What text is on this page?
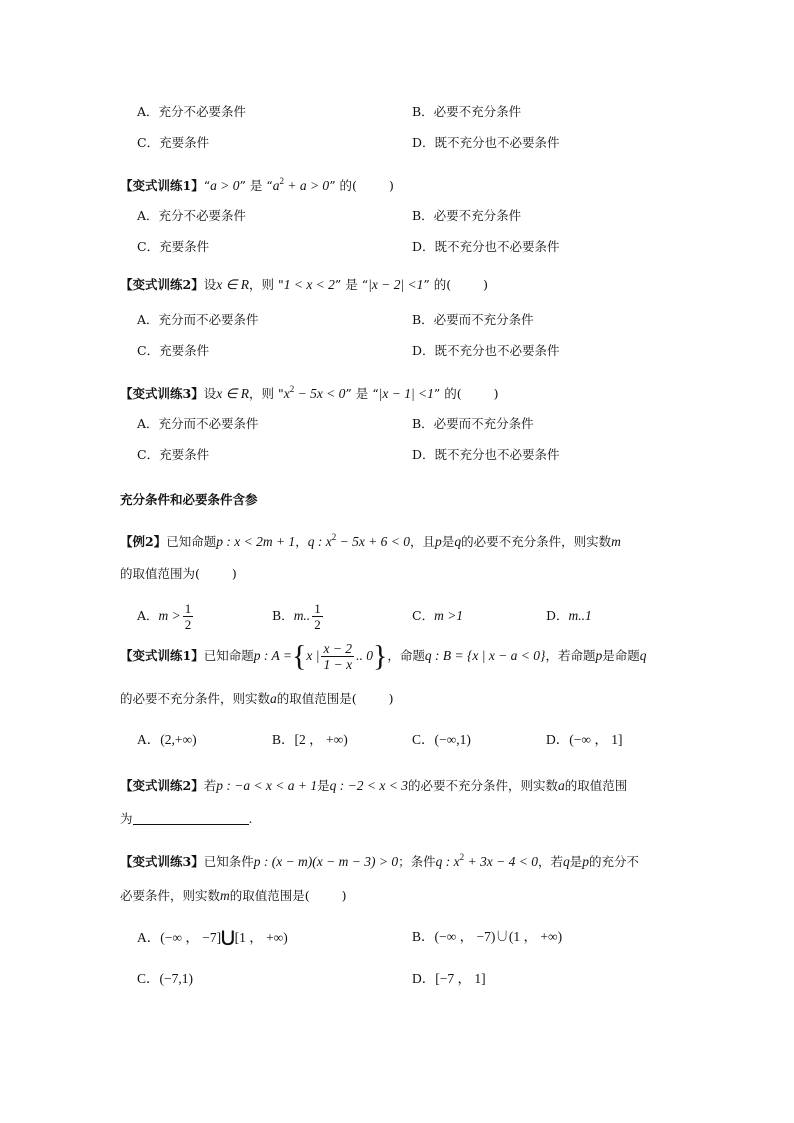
A．充分不必要条件	B．必要不充分条件
C．充要条件	D．既不充分也不必要条件
【变式训练1】“a > 0” 是 “$a^2 + a > 0$” 的(	)
A．充分不必要条件	B．必要不充分条件
C．充要条件	D．既不充分也不必要条件
【变式训练2】设x ∈ R，则 "1 < x < 2” 是 “|x − 2| <1” 的(	)
A．充分而不必要条件	B．必要而不充分条件
C．充要条件	D．既不充分也不必要条件
【变式训练3】设x ∈ R，则 "$x^2 - 5x < 0$” 是 “|x − 1| <1” 的(	)
A．充分而不必要条件	B．必要而不充分条件
C．充要条件	D．既不充分也不必要条件
充分条件和必要条件含参
【例2】已知命题p : x < 2m + 1，q : $x^2 - 5x + 6 < 0$，且p是q的必要不充分条件，则实数m
的取值范围为(	)
A．$m > \frac{1}{2}$	B．m.. $\frac{1}{2}$	C．m >1	D．m..1
【变式训练1】已知命题p : A ={x | $\frac{x - 2}{1 - x}$ .. 0}，命题q : B = {x | x − a < 0}，若命题p是命题q
的必要不充分条件，则实数a的取值范围是(	)
A．(2,+∞)	B．[2 ， +∞)	C．(−∞,1)	D．(−∞ ， 1]
【变式训练2】若p : −a < x < a + 1是q : −2 < x < 3的必要不充分条件，则实数a的取值范围
为	.
【变式训练3】已知条件p : (x − m)(x − m − 3) > 0；条件q : $x^2 + 3x - 4 < 0$，若q是p的充分不
必要条件，则实数m的取值范围是(	)
A．(−∞ ， −7]⋃[1 ， +∞)	B．(−∞ ， −7)∪(1 ， +∞)
C．(−7,1)	D．[−7 ， 1]
